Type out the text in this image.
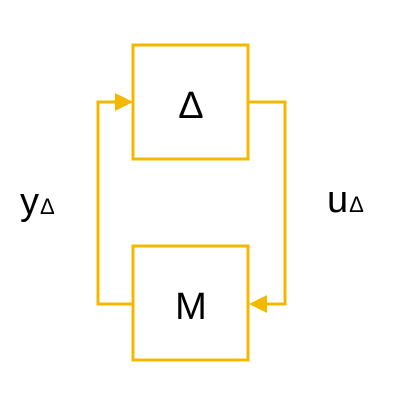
Δ
M
yΔ	uΔ
